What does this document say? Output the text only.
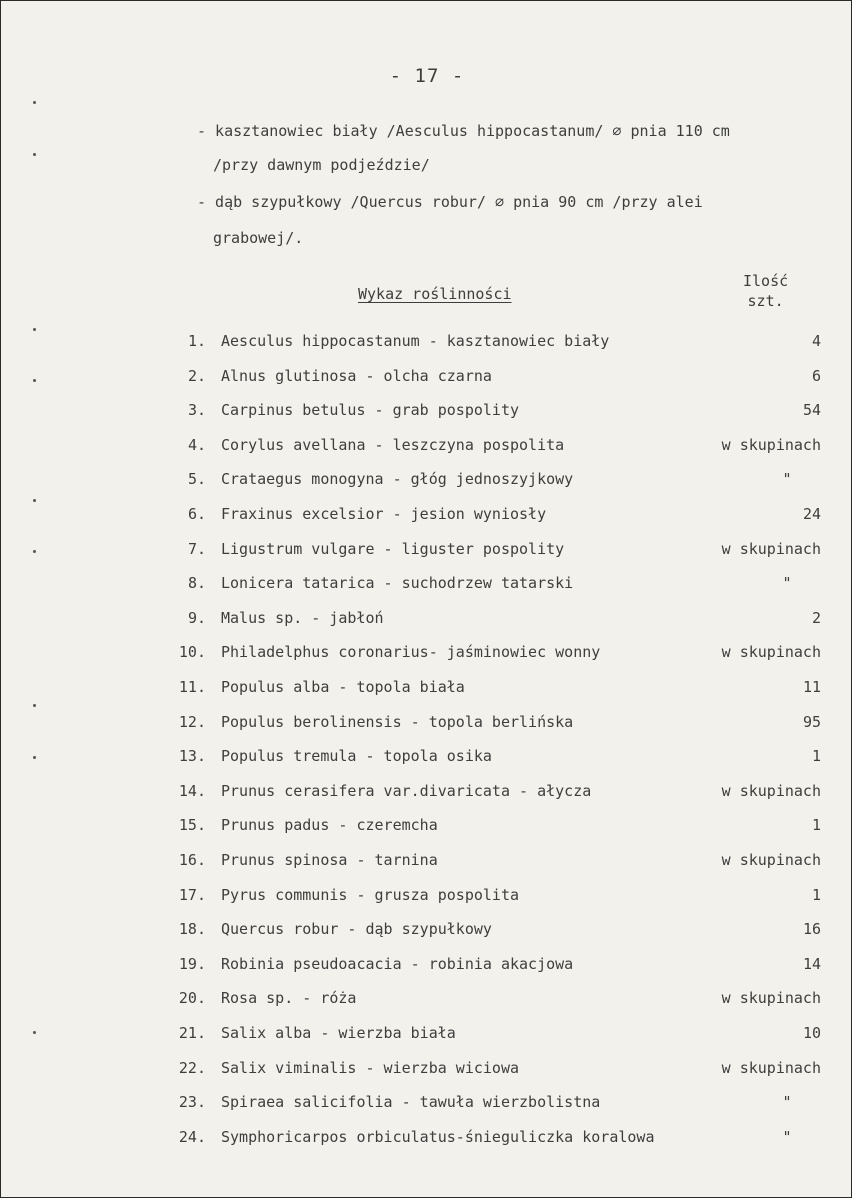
- 17 -
- kasztanowiec biały /Aesculus hippocastanum/ ∅ pnia 110 cm
/przy dawnym podjeździe/
- dąb szypułkowy /Quercus robur/ ∅ pnia 90 cm /przy alei
grabowej/.
Wykaz roślinności
Ilość
szt.
1. Aesculus hippocastanum - kasztanowiec biały	4
2. Alnus glutinosa - olcha czarna	6
3. Carpinus betulus - grab pospolity	54
4. Corylus avellana - leszczyna pospolita	w skupinach
5. Crataegus monogyna - głóg jednoszyjkowy	"
6. Fraxinus excelsior - jesion wyniosły	24
7. Ligustrum vulgare - liguster pospolity	w skupinach
8. Lonicera tatarica - suchodrzew tatarski	"
9. Malus sp. - jabłoń	2
10. Philadelphus coronarius- jaśminowiec wonny	w skupinach
11. Populus alba - topola biała	11
12. Populus berolinensis - topola berlińska	95
13. Populus tremula - topola osika	1
14. Prunus cerasifera var.divaricata - ałycza	w skupinach
15. Prunus padus - czeremcha	1
16. Prunus spinosa - tarnina	w skupinach
17. Pyrus communis - grusza pospolita	1
18. Quercus robur - dąb szypułkowy	16
19. Robinia pseudoacacia - robinia akacjowa	14
20. Rosa sp. - róża	w skupinach
21. Salix alba - wierzba biała	10
22. Salix viminalis - wierzba wiciowa	w skupinach
23. Spiraea salicifolia - tawuła wierzbolistna	"
24. Symphoricarpos orbiculatus-śnieguliczka koralowa	"
